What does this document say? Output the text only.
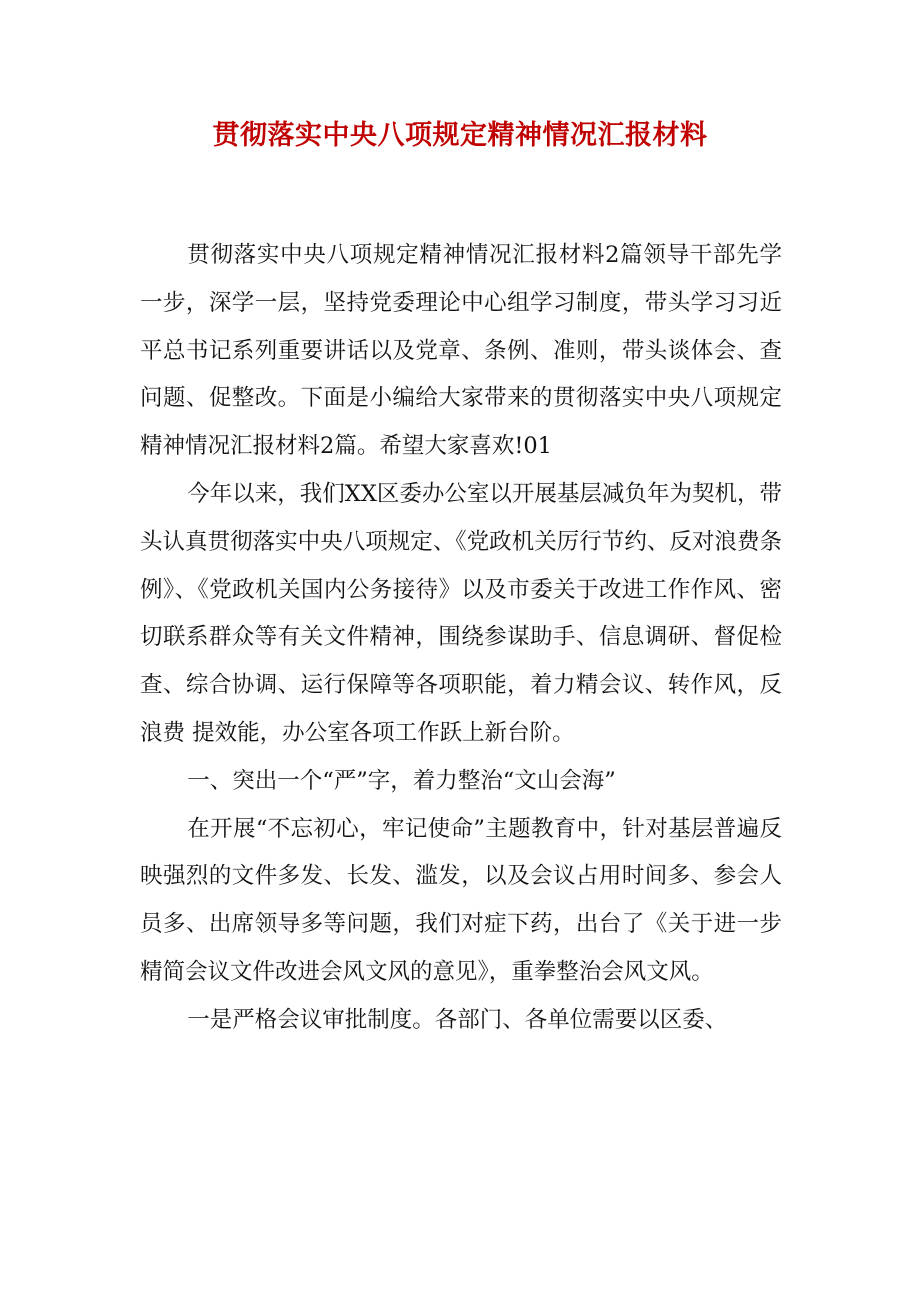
贯彻落实中央八项规定精神情况汇报材料

贯彻落实中央八项规定精神情况汇报材料2篇领导干部先学一步，深学一层，坚持党委理论中心组学习制度，带头学习习近平总书记系列重要讲话以及党章、条例、准则，带头谈体会、查问题、促整改。下面是小编给大家带来的贯彻落实中央八项规定精神情况汇报材料2篇。希望大家喜欢!01

今年以来，我们XX区委办公室以开展基层减负年为契机，带头认真贯彻落实中央八项规定、《党政机关厉行节约、反对浪费条例》、《党政机关国内公务接待》以及市委关于改进工作作风、密切联系群众等有关文件精神，围绕参谋助手、信息调研、督促检查、综合协调、运行保障等各项职能，着力精会议、转作风，反浪费 提效能，办公室各项工作跃上新台阶。

一、突出一个“严”字，着力整治“文山会海”

在开展“不忘初心，牢记使命”主题教育中，针对基层普遍反映强烈的文件多发、长发、滥发，以及会议占用时间多、参会人员多、出席领导多等问题，我们对症下药，出台了《关于进一步精简会议文件改进会风文风的意见》，重拳整治会风文风。

一是严格会议审批制度。各部门、各单位需要以区委、
